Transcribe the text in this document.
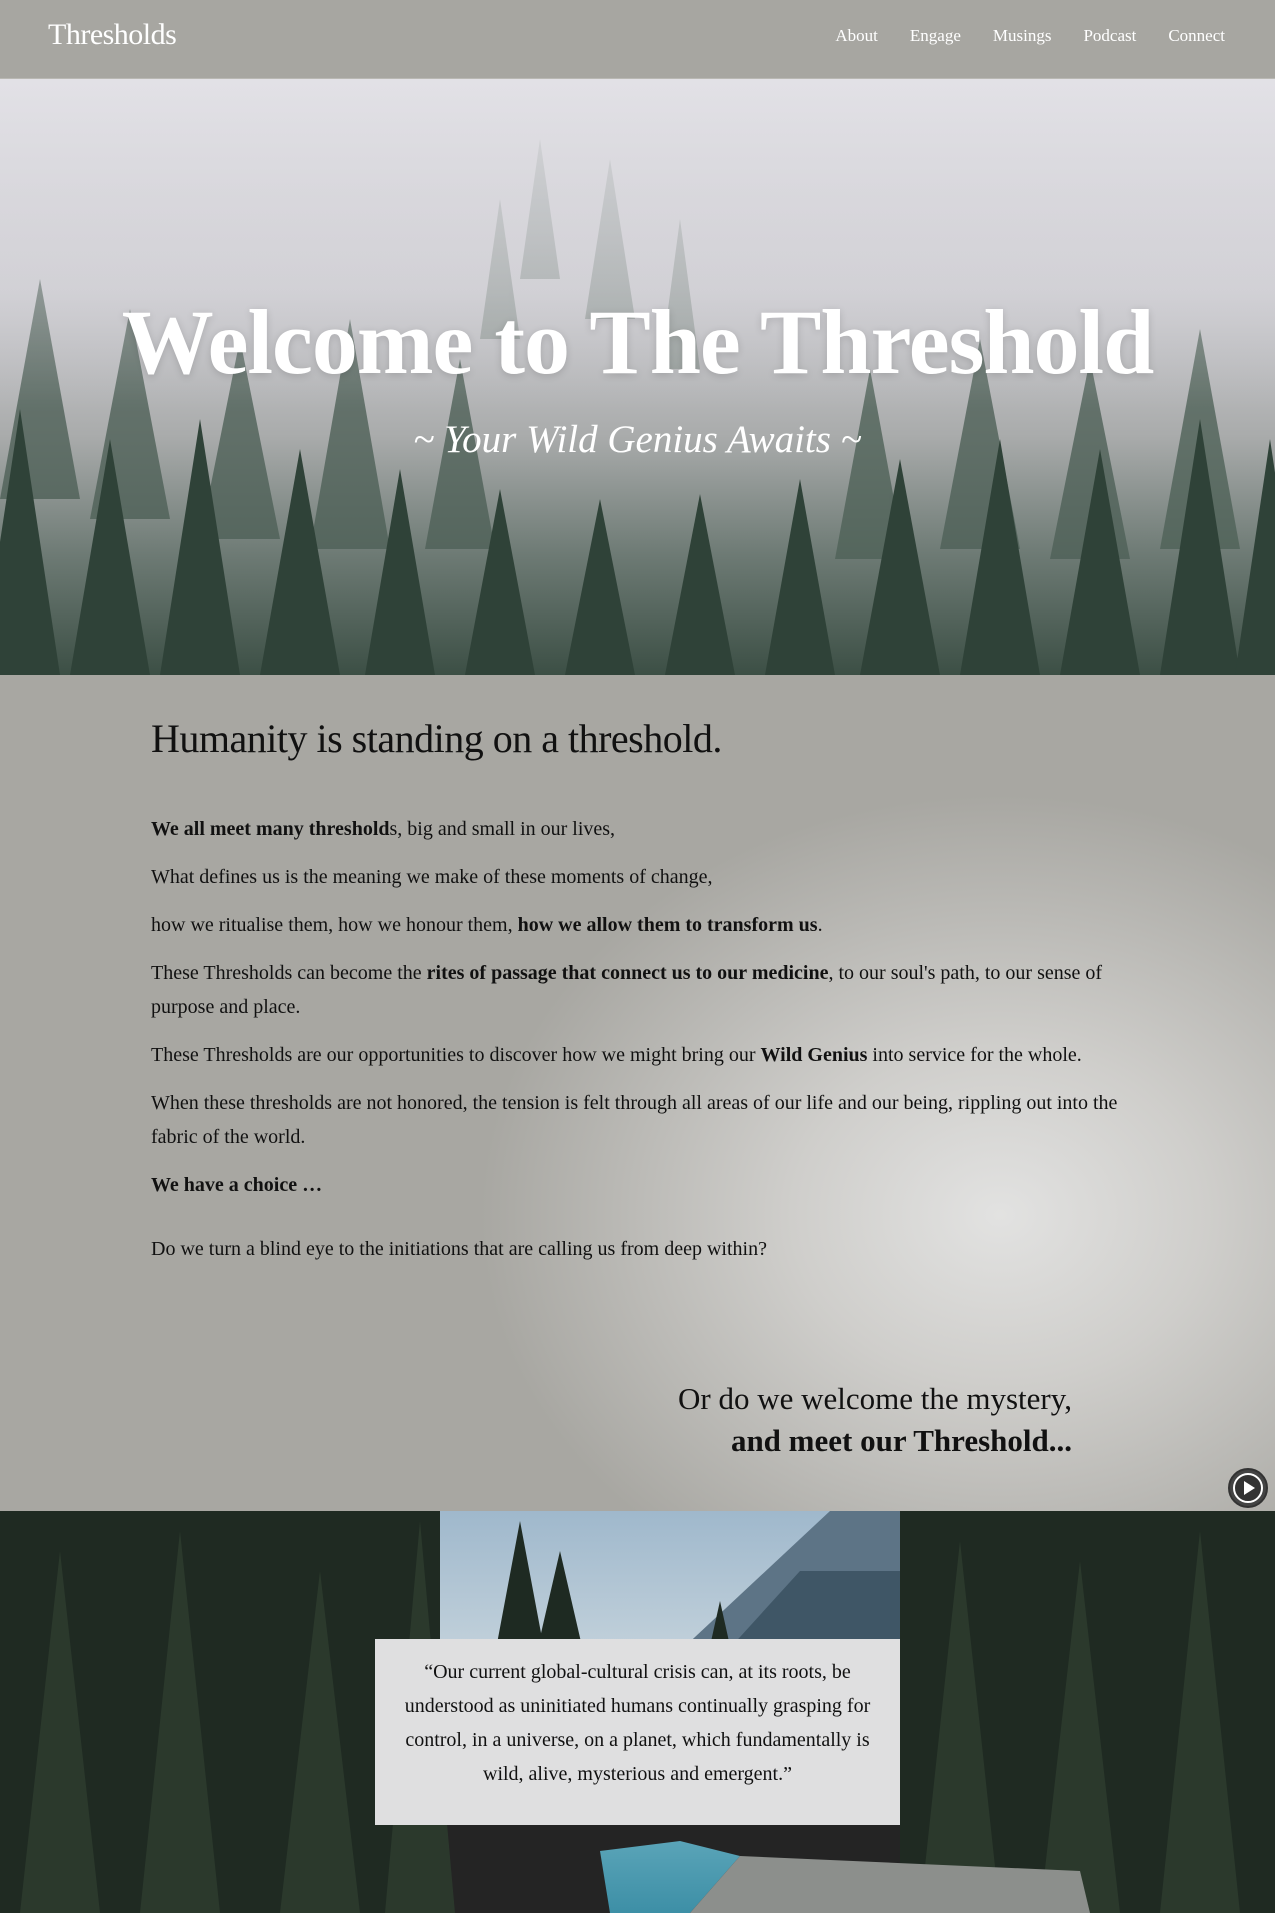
Thresholds	About Engage Musings Podcast Connect
Welcome to The Threshold
~ Your Wild Genius Awaits ~
Humanity is standing on a threshold.

We all meet many thresholds, big and small in our lives,

What defines us is the meaning we make of these moments of change,

how we ritualise them, how we honour them, how we allow them to transform us.

These Thresholds can become the rites of passage that connect us to our medicine, to our soul's path, to our sense of purpose and place.

These Thresholds are our opportunities to discover how we might bring our Wild Genius into service for the whole.

When these thresholds are not honored, the tension is felt through all areas of our life and our being, rippling out into the fabric of the world.

We have a choice …

Do we turn a blind eye to the initiations that are calling us from deep within?

Or do we welcome the mystery,
and meet our Threshold...
“Our current global-cultural crisis can, at its roots, be understood as uninitiated humans continually grasping for control, in a universe, on a planet, which fundamentally is wild, alive, mysterious and emergent.”
